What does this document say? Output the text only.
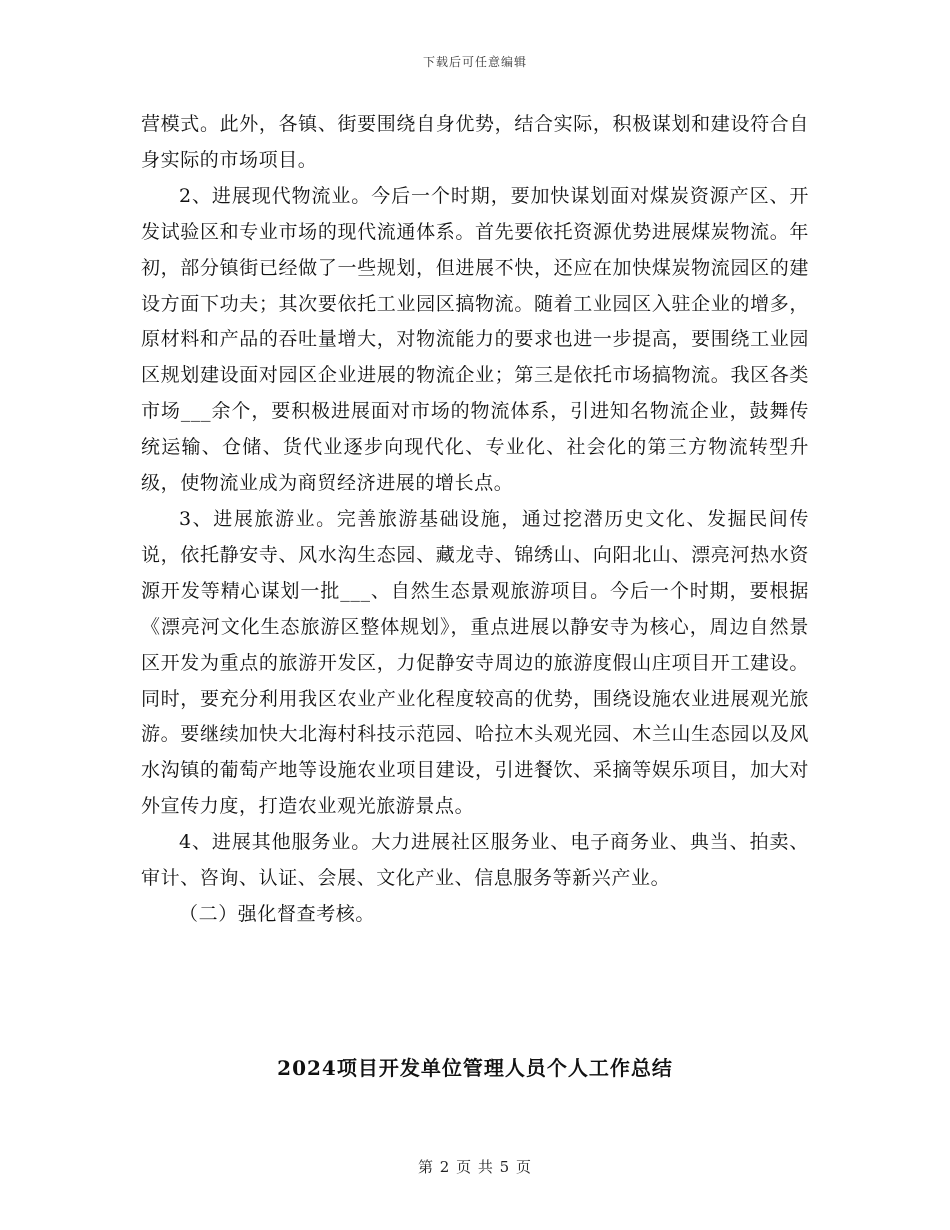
下载后可任意编辑

营模式。此外，各镇、街要围绕自身优势，结合实际，积极谋划和建设符合自身实际的市场项目。

2、进展现代物流业。今后一个时期，要加快谋划面对煤炭资源产区、开发试验区和专业市场的现代流通体系。首先要依托资源优势进展煤炭物流。年初，部分镇街已经做了一些规划，但进展不快，还应在加快煤炭物流园区的建设方面下功夫；其次要依托工业园区搞物流。随着工业园区入驻企业的增多，原材料和产品的吞吐量增大，对物流能力的要求也进一步提高，要围绕工业园区规划建设面对园区企业进展的物流企业；第三是依托市场搞物流。我区各类市场___余个，要积极进展面对市场的物流体系，引进知名物流企业，鼓舞传统运输、仓储、货代业逐步向现代化、专业化、社会化的第三方物流转型升级，使物流业成为商贸经济进展的增长点。

3、进展旅游业。完善旅游基础设施，通过挖潜历史文化、发掘民间传说，依托静安寺、风水沟生态园、藏龙寺、锦绣山、向阳北山、漂亮河热水资源开发等精心谋划一批___、自然生态景观旅游项目。今后一个时期，要根据《漂亮河文化生态旅游区整体规划》，重点进展以静安寺为核心，周边自然景区开发为重点的旅游开发区，力促静安寺周边的旅游度假山庄项目开工建设。同时，要充分利用我区农业产业化程度较高的优势，围绕设施农业进展观光旅游。要继续加快大北海村科技示范园、哈拉木头观光园、木兰山生态园以及风水沟镇的葡萄产地等设施农业项目建设，引进餐饮、采摘等娱乐项目，加大对外宣传力度，打造农业观光旅游景点。

4、进展其他服务业。大力进展社区服务业、电子商务业、典当、拍卖、审计、咨询、认证、会展、文化产业、信息服务等新兴产业。

（二）强化督查考核。

2024项目开发单位管理人员个人工作总结
第 2 页 共 5 页
